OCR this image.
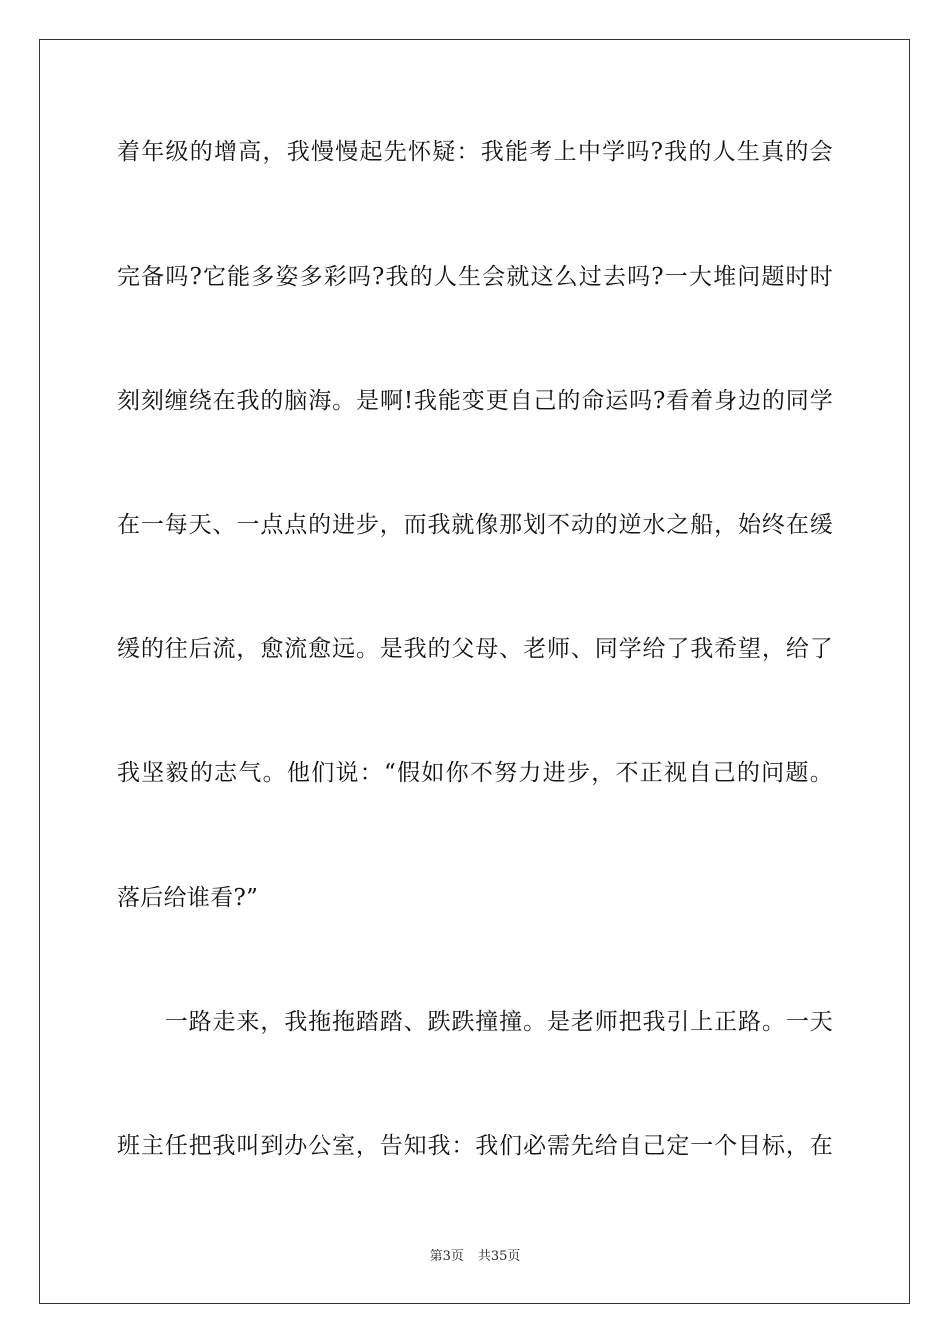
着年级的增高，我慢慢起先怀疑：我能考上中学吗?我的人生真的会
完备吗?它能多姿多彩吗?我的人生会就这么过去吗?一大堆问题时时
刻刻缠绕在我的脑海。是啊!我能变更自己的命运吗?看着身边的同学
在一每天、一点点的进步，而我就像那划不动的逆水之船，始终在缓
缓的往后流，愈流愈远。是我的父母、老师、同学给了我希望，给了
我坚毅的志气。他们说：“假如你不努力进步，不正视自己的问题。
落后给谁看?”
　　一路走来，我拖拖踏踏、跌跌撞撞。是老师把我引上正路。一天
班主任把我叫到办公室，告知我：我们必需先给自己定一个目标，在
第3页 共35页
